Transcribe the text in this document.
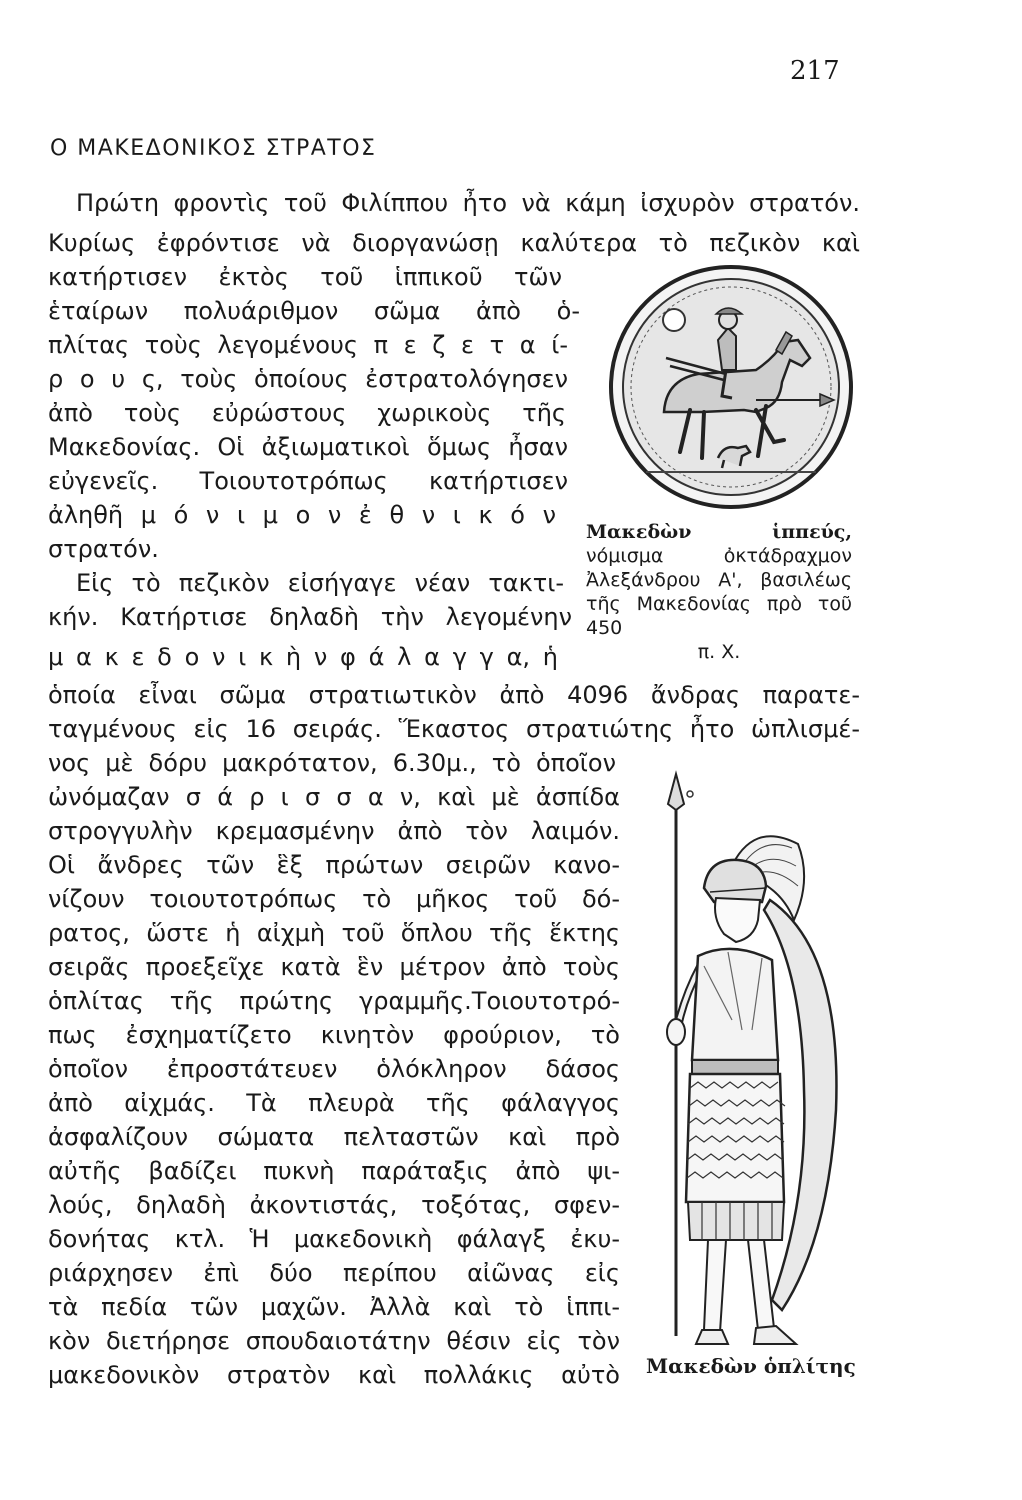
217
Ο ΜΑΚΕΔΟΝΙΚΟΣ ΣΤΡΑΤΟΣ
Πρώτη φροντὶς τοῦ Φιλίππου ἦτο νὰ κάμη ἰσχυρὸν στρατόν.
Κυρίως ἐφρόντισε νὰ διοργανώσῃ καλύτερα τὸ πεζικὸν καὶ
κατήρτισεν ἐκτὸς τοῦ ἱππικοῦ τῶν
ἑταίρων πολυάριθμον σῶμα ἀπὸ ὁ-
πλίτας τοὺς λεγομένους π ε ζ ε τ α ί-
ρ ο υ ς, τοὺς ὁποίους ἐστρατολόγησεν
ἀπὸ τοὺς εὐρώστους χωρικοὺς τῆς
Μακεδονίας. Οἱ ἀξιωματικοὶ ὅμως ἦσαν
εὐγενεῖς. Τοιουτοτρόπως κατήρτισεν
ἀληθῆ μ ό ν ι μ ο ν ἐ θ ν ι κ ό ν
στρατόν.
Εἰς τὸ πεζικὸν εἰσήγαγε νέαν τακτι-
κήν. Κατήρτισε δηλαδὴ τὴν λεγομένην
μ α κ ε δ ο ν ι κ ὴ ν φ ά λ α γ γ α, ἡ
ὁποία εἶναι σῶμα στρατιωτικὸν ἀπὸ 4096 ἄνδρας παρατε-
ταγμένους εἰς 16 σειράς. Ἕκαστος στρατιώτης ἦτο ὡπλισμέ-
νος μὲ δόρυ μακρότατον, 6.30μ., τὸ ὁποῖον
ὠνόμαζαν σ ά ρ ι σ σ α ν, καὶ μὲ ἀσπίδα
στρογγυλὴν κρεμασμένην ἀπὸ τὸν λαιμόν.
Οἱ ἄνδρες τῶν ἓξ πρώτων σειρῶν κανο-
νίζουν τοιουτοτρόπως τὸ μῆκος τοῦ δό-
ρατος, ὥστε ἡ αἰχμὴ τοῦ ὅπλου τῆς ἕκτης
σειρᾶς προεξεῖχε κατὰ ἓν μέτρον ἀπὸ τοὺς
ὁπλίτας τῆς πρώτης γραμμῆς.Τοιουτοτρό-
πως ἐσχηματίζετο κινητὸν φρούριον, τὸ
ὁποῖον ἐπροστάτευεν ὁλόκληρον δάσος
ἀπὸ αἰχμάς. Τὰ πλευρὰ τῆς φάλαγγος
ἀσφαλίζουν σώματα πελταστῶν καὶ πρὸ
αὐτῆς βαδίζει πυκνὴ παράταξις ἀπὸ ψι-
λούς, δηλαδὴ ἀκοντιστάς, τοξότας, σφεν-
δονήτας κτλ. Ἡ μακεδονικὴ φάλαγξ ἐκυ-
ριάρχησεν ἐπὶ δύο περίπου αἰῶνας εἰς
τὰ πεδία τῶν μαχῶν. Ἀλλὰ καὶ τὸ ἱππι-
κὸν διετήρησε σπουδαιοτάτην θέσιν εἰς τὸν
μακεδονικὸν στρατὸν καὶ πολλάκις αὐτὸ
Μακεδὼν ἱππεύς, νόμισμα ὀκτάδραχμον Ἀλεξάνδρου Α', βασιλέως τῆς Μακεδονίας πρὸ τοῦ 450
π. Χ.
Μακεδὼν ὁπλίτης
